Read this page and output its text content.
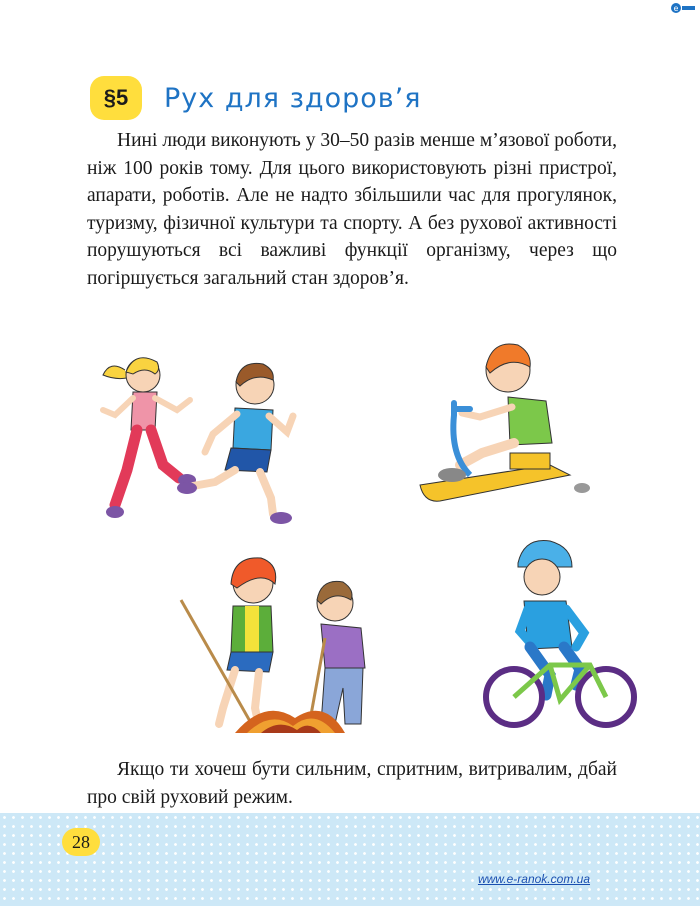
e
§5	Рух для здоров’я

Нині люди виконують у 30–50 разів менше м’язової роботи, ніж 100 років тому. Для цього використовують різні пристрої, апарати, роботів. Але не надто збільшили час для прогулянок, туризму, фізичної культури та спорту. А без рухової активності порушуються всі важливі функції організму, через що погіршується загальний стан здоров’я.

Якщо ти хочеш бути сильним, спритним, витривалим, дбай про свій руховий режим.

28
www.e-ranok.com.ua
